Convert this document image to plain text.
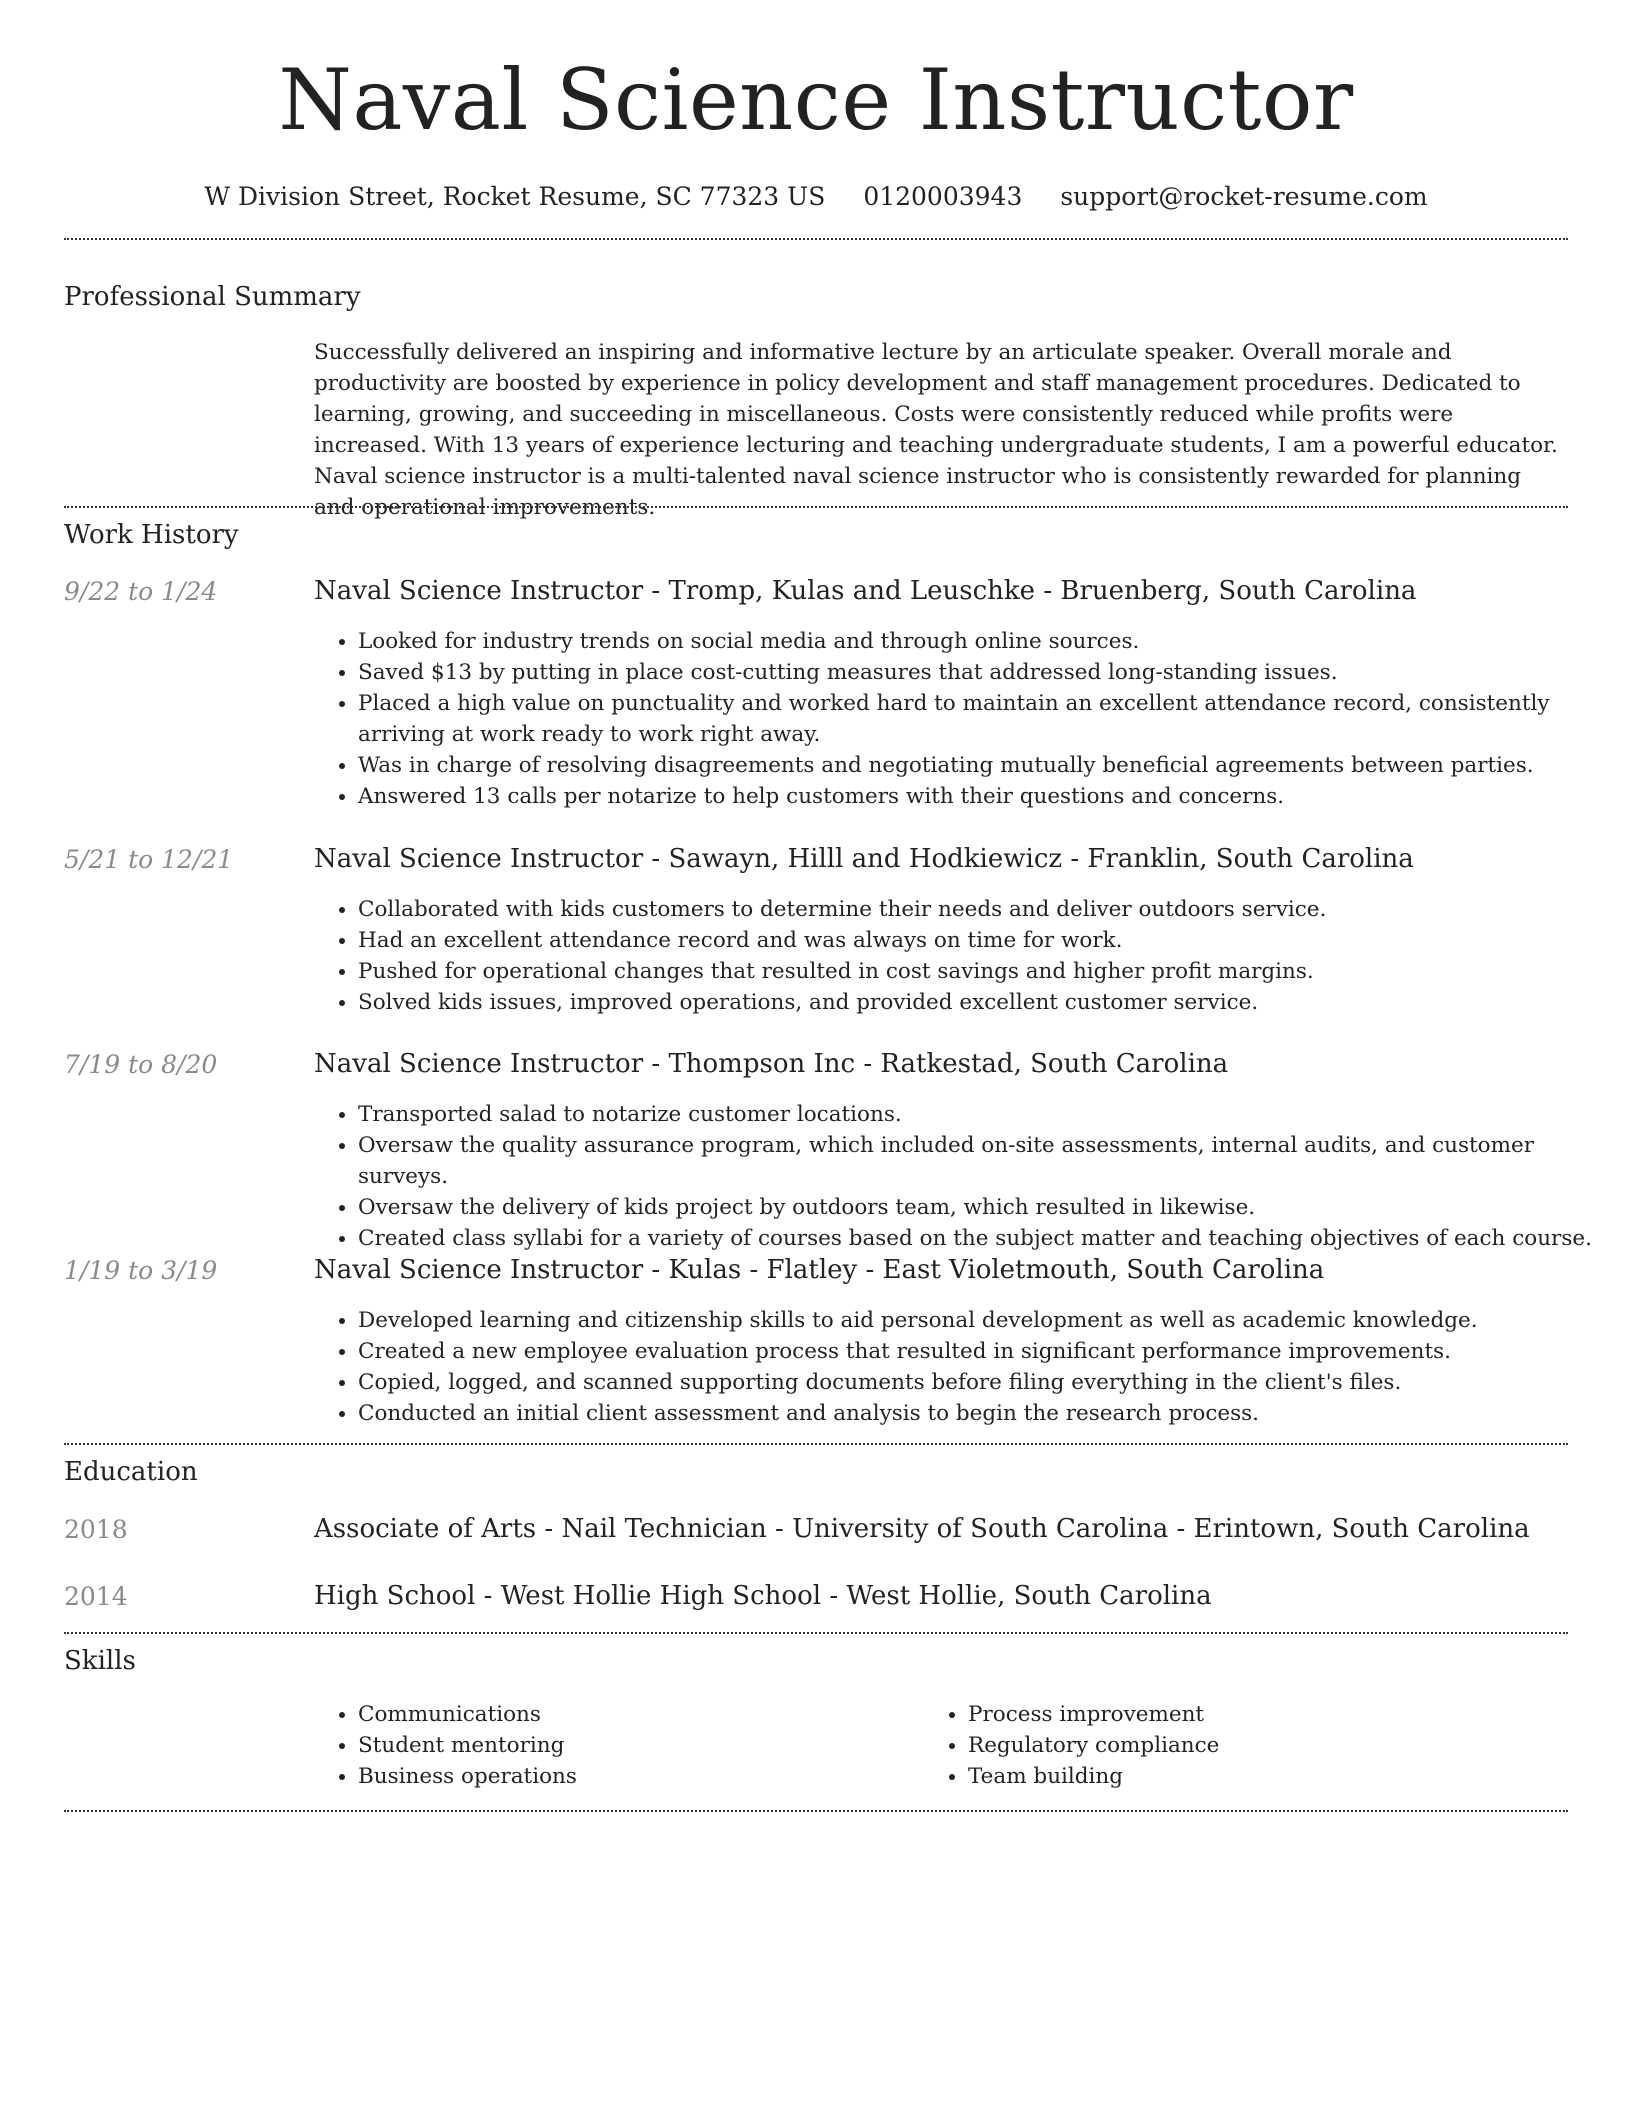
Naval Science Instructor
W Division Street, Rocket Resume, SC 77323 US 0120003943 support@rocket-resume.com
Professional Summary

Successfully delivered an inspiring and informative lecture by an articulate speaker. Overall morale and productivity are boosted by experience in policy development and staff management procedures. Dedicated to learning, growing, and succeeding in miscellaneous. Costs were consistently reduced while profits were increased. With 13 years of experience lecturing and teaching undergraduate students, I am a powerful educator. Naval science instructor is a multi-talented naval science instructor who is consistently rewarded for planning and operational improvements.

Work History
9/22 to 1/24	Naval Science Instructor - Tromp, Kulas and Leuschke - Bruenberg, South Carolina
• Looked for industry trends on social media and through online sources.
• Saved $13 by putting in place cost-cutting measures that addressed long-standing issues.
• Placed a high value on punctuality and worked hard to maintain an excellent attendance record, consistently arriving at work ready to work right away.
• Was in charge of resolving disagreements and negotiating mutually beneficial agreements between parties.
• Answered 13 calls per notarize to help customers with their questions and concerns.
5/21 to 12/21	Naval Science Instructor - Sawayn, Hilll and Hodkiewicz - Franklin, South Carolina
• Collaborated with kids customers to determine their needs and deliver outdoors service.
• Had an excellent attendance record and was always on time for work.
• Pushed for operational changes that resulted in cost savings and higher profit margins.
• Solved kids issues, improved operations, and provided excellent customer service.
7/19 to 8/20	Naval Science Instructor - Thompson Inc - Ratkestad, South Carolina
• Transported salad to notarize customer locations.
• Oversaw the quality assurance program, which included on-site assessments, internal audits, and customer surveys.
• Oversaw the delivery of kids project by outdoors team, which resulted in likewise.
• Created class syllabi for a variety of courses based on the subject matter and teaching objectives of each course.
1/19 to 3/19	Naval Science Instructor - Kulas - Flatley - East Violetmouth, South Carolina
• Developed learning and citizenship skills to aid personal development as well as academic knowledge.
• Created a new employee evaluation process that resulted in significant performance improvements.
• Copied, logged, and scanned supporting documents before filing everything in the client's files.
• Conducted an initial client assessment and analysis to begin the research process.
Education
2018	Associate of Arts - Nail Technician - University of South Carolina - Erintown, South Carolina
2014	High School - West Hollie High School - West Hollie, South Carolina
Skills
• Communications
• Student mentoring
• Business operations
• Process improvement
• Regulatory compliance
• Team building
